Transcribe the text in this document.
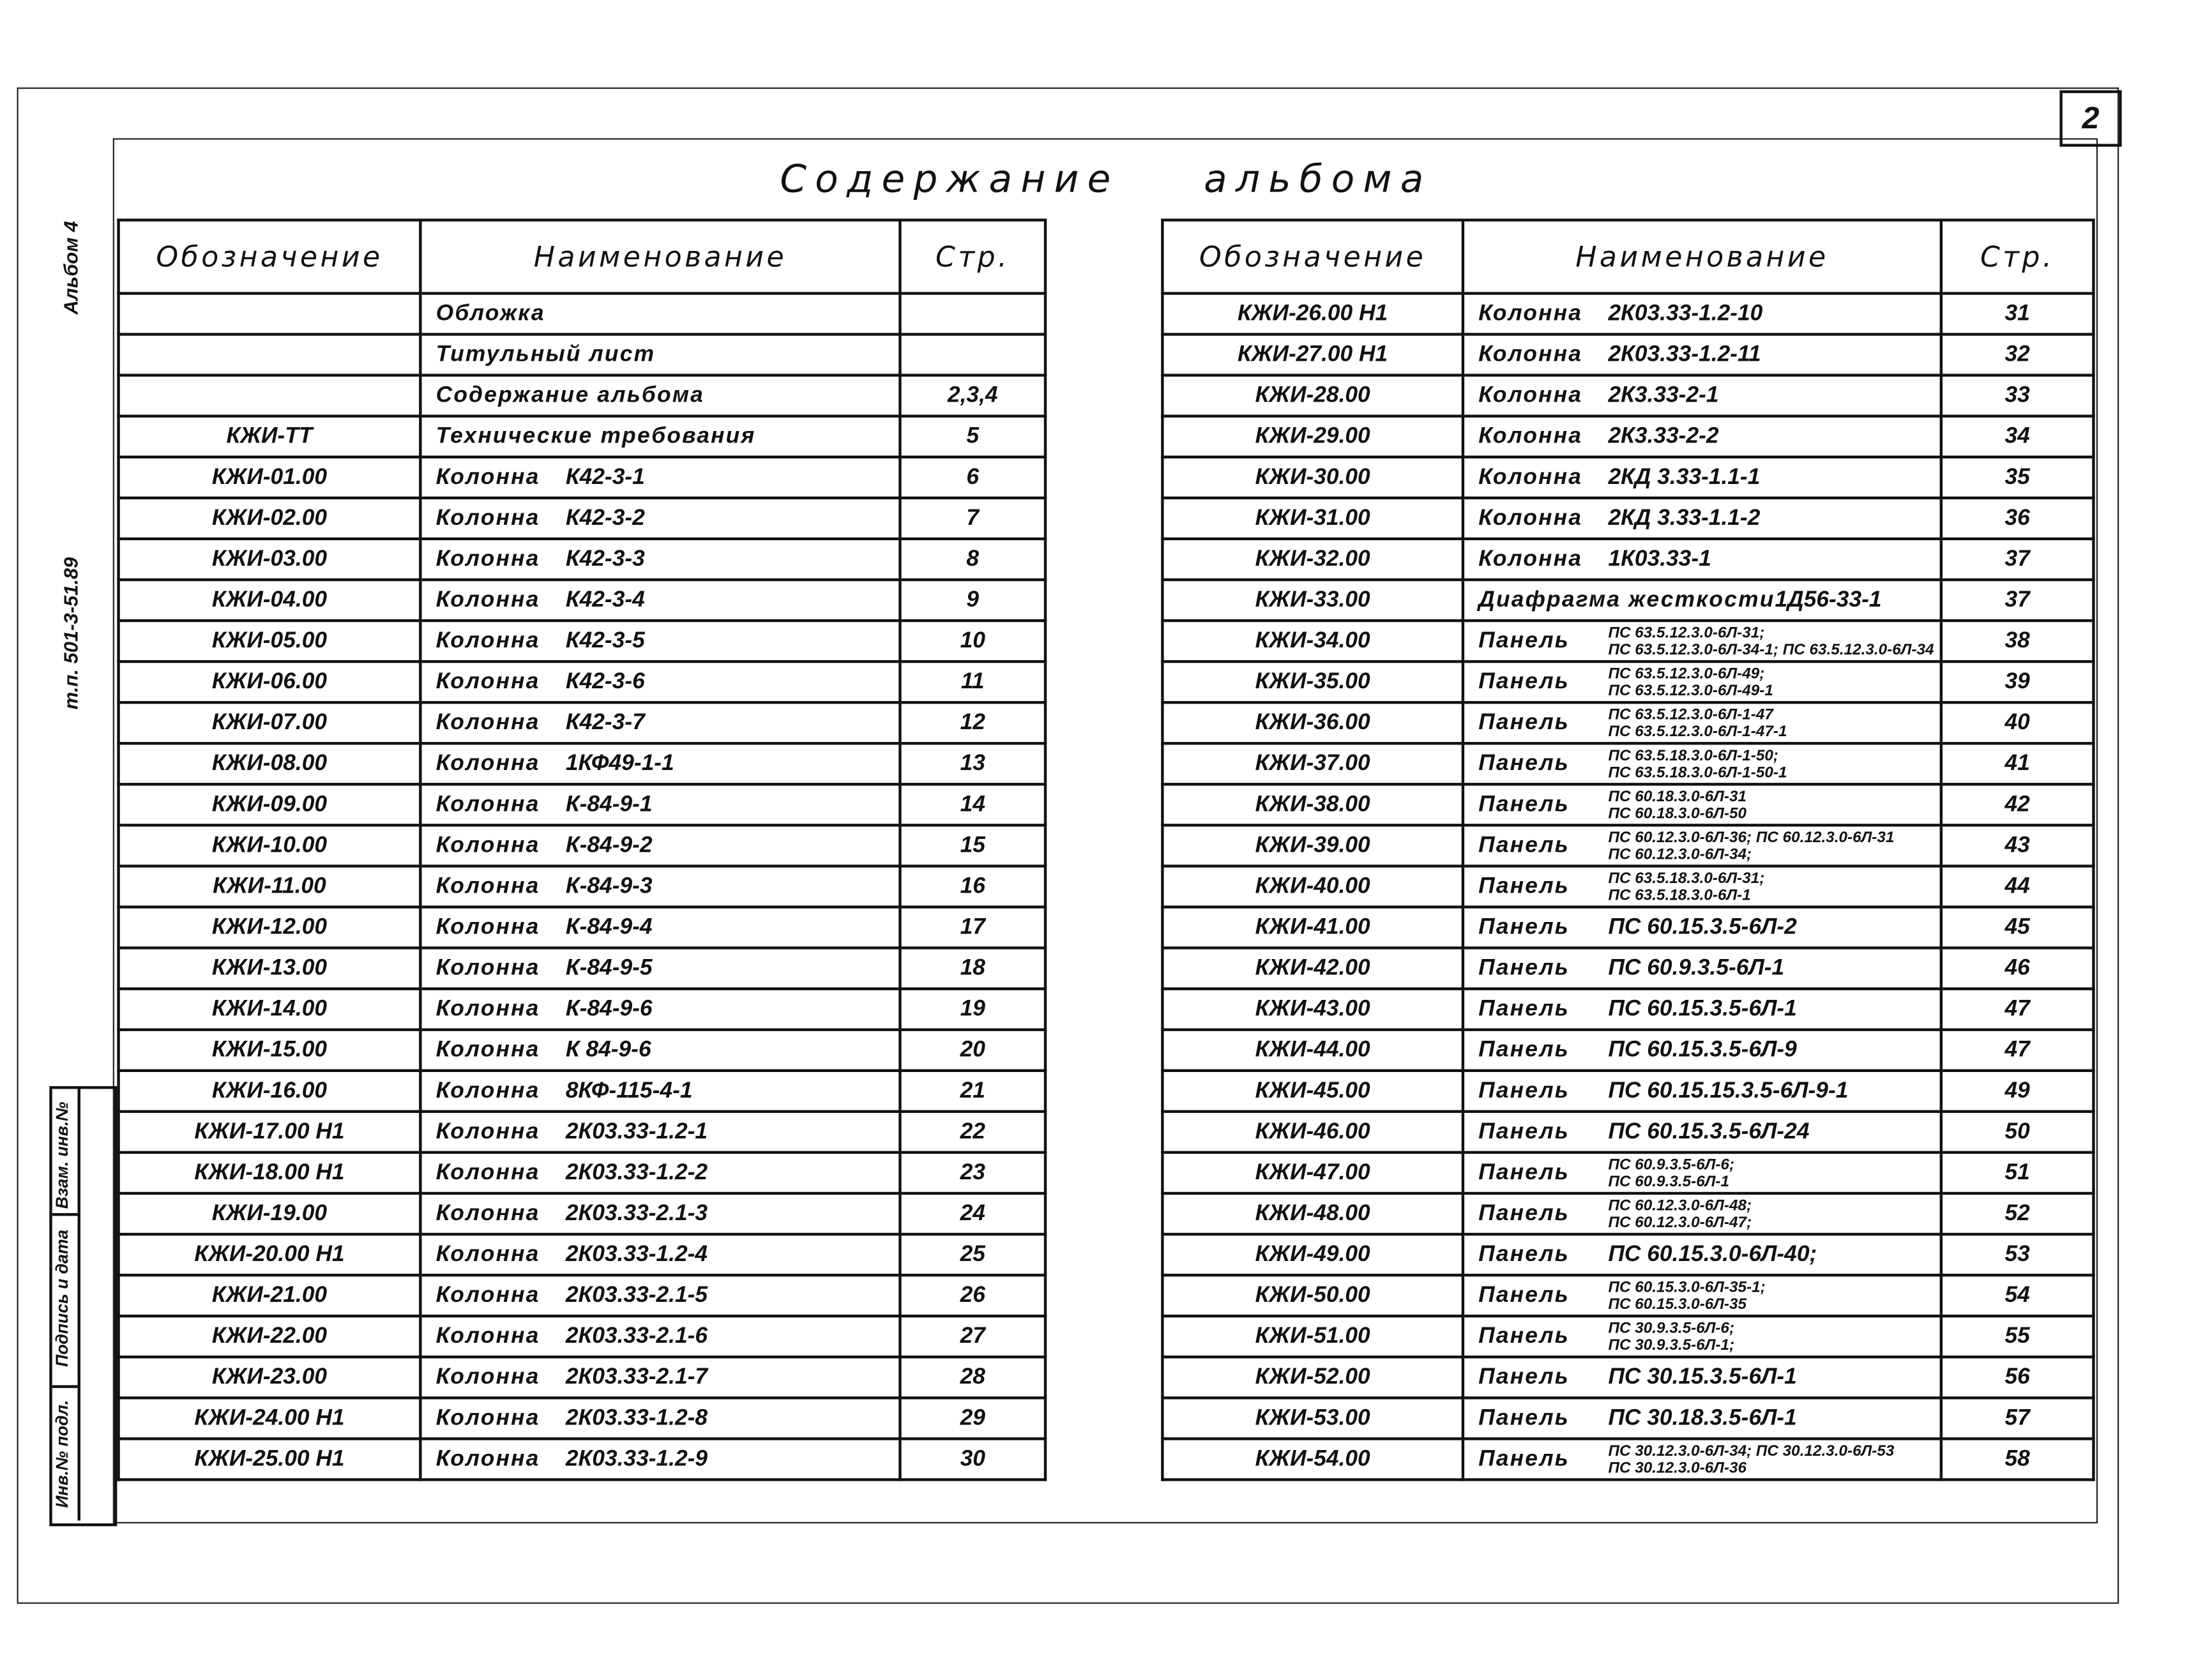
2
Альбом 4
т.п. 501-3-51.89
Взам. инв.№
Подпись и дата
Инв.№ подл.
Содержание	альбома
Обозначение	Наименование	Стр.
	Обложка	
	Титульный лист	
	Содержание альбома	2,3,4
КЖИ-ТТ	Технические требования	5
КЖИ-01.00	Колонна К42-3-1	6
КЖИ-02.00	Колонна К42-3-2	7
КЖИ-03.00	Колонна К42-3-3	8
КЖИ-04.00	Колонна К42-3-4	9
КЖИ-05.00	Колонна К42-3-5	10
КЖИ-06.00	Колонна К42-3-6	11
КЖИ-07.00	Колонна К42-3-7	12
КЖИ-08.00	Колонна 1КФ49-1-1	13
КЖИ-09.00	Колонна К-84-9-1	14
КЖИ-10.00	Колонна К-84-9-2	15
КЖИ-11.00	Колонна К-84-9-3	16
КЖИ-12.00	Колонна К-84-9-4	17
КЖИ-13.00	Колонна К-84-9-5	18
КЖИ-14.00	Колонна К-84-9-6	19
КЖИ-15.00	Колонна К 84-9-6	20
КЖИ-16.00	Колонна 8КФ-115-4-1	21
КЖИ-17.00 Н1	Колонна 2К03.33-1.2-1	22
КЖИ-18.00 Н1	Колонна 2К03.33-1.2-2	23
КЖИ-19.00	Колонна 2К03.33-2.1-3	24
КЖИ-20.00 Н1	Колонна 2К03.33-1.2-4	25
КЖИ-21.00	Колонна 2К03.33-2.1-5	26
КЖИ-22.00	Колонна 2К03.33-2.1-6	27
КЖИ-23.00	Колонна 2К03.33-2.1-7	28
КЖИ-24.00 Н1	Колонна 2К03.33-1.2-8	29
КЖИ-25.00 Н1	Колонна 2К03.33-1.2-9	30
Обозначение	Наименование	Стр.
КЖИ-26.00 Н1	Колонна 2К03.33-1.2-10	31
КЖИ-27.00 Н1	Колонна 2К03.33-1.2-11	32
КЖИ-28.00	Колонна 2К3.33-2-1	33
КЖИ-29.00	Колонна 2К3.33-2-2	34
КЖИ-30.00	Колонна 2КД 3.33-1.1-1	35
КЖИ-31.00	Колонна 2КД 3.33-1.1-2	36
КЖИ-32.00	Колонна 1К03.33-1	37
КЖИ-33.00	Диафрагма жесткости1Д56-33-1	37
КЖИ-34.00	Панель ПС 63.5.12.3.0-6Л-31;
ПС 63.5.12.3.0-6Л-34-1; ПС 63.5.12.3.0-6Л-34	38
КЖИ-35.00	Панель ПС 63.5.12.3.0-6Л-49;
ПС 63.5.12.3.0-6Л-49-1	39
КЖИ-36.00	Панель ПС 63.5.12.3.0-6Л-1-47
ПС 63.5.12.3.0-6Л-1-47-1	40
КЖИ-37.00	Панель ПС 63.5.18.3.0-6Л-1-50;
ПС 63.5.18.3.0-6Л-1-50-1	41
КЖИ-38.00	Панель ПС 60.18.3.0-6Л-31
ПС 60.18.3.0-6Л-50	42
КЖИ-39.00	Панель ПС 60.12.3.0-6Л-36; ПС 60.12.3.0-6Л-31
ПС 60.12.3.0-6Л-34;	43
КЖИ-40.00	Панель ПС 63.5.18.3.0-6Л-31;
ПС 63.5.18.3.0-6Л-1	44
КЖИ-41.00	Панель ПС 60.15.3.5-6Л-2	45
КЖИ-42.00	Панель ПС 60.9.3.5-6Л-1	46
КЖИ-43.00	Панель ПС 60.15.3.5-6Л-1	47
КЖИ-44.00	Панель ПС 60.15.3.5-6Л-9	47
КЖИ-45.00	Панель ПС 60.15.15.3.5-6Л-9-1	49
КЖИ-46.00	Панель ПС 60.15.3.5-6Л-24	50
КЖИ-47.00	Панель ПС 60.9.3.5-6Л-6;
ПС 60.9.3.5-6Л-1	51
КЖИ-48.00	Панель ПС 60.12.3.0-6Л-48;
ПС 60.12.3.0-6Л-47;	52
КЖИ-49.00	Панель ПС 60.15.3.0-6Л-40;	53
КЖИ-50.00	Панель ПС 60.15.3.0-6Л-35-1;
ПС 60.15.3.0-6Л-35	54
КЖИ-51.00	Панель ПС 30.9.3.5-6Л-6;
ПС 30.9.3.5-6Л-1;	55
КЖИ-52.00	Панель ПС 30.15.3.5-6Л-1	56
КЖИ-53.00	Панель ПС 30.18.3.5-6Л-1	57
КЖИ-54.00	Панель ПС 30.12.3.0-6Л-34; ПС 30.12.3.0-6Л-53
ПС 30.12.3.0-6Л-36	58
